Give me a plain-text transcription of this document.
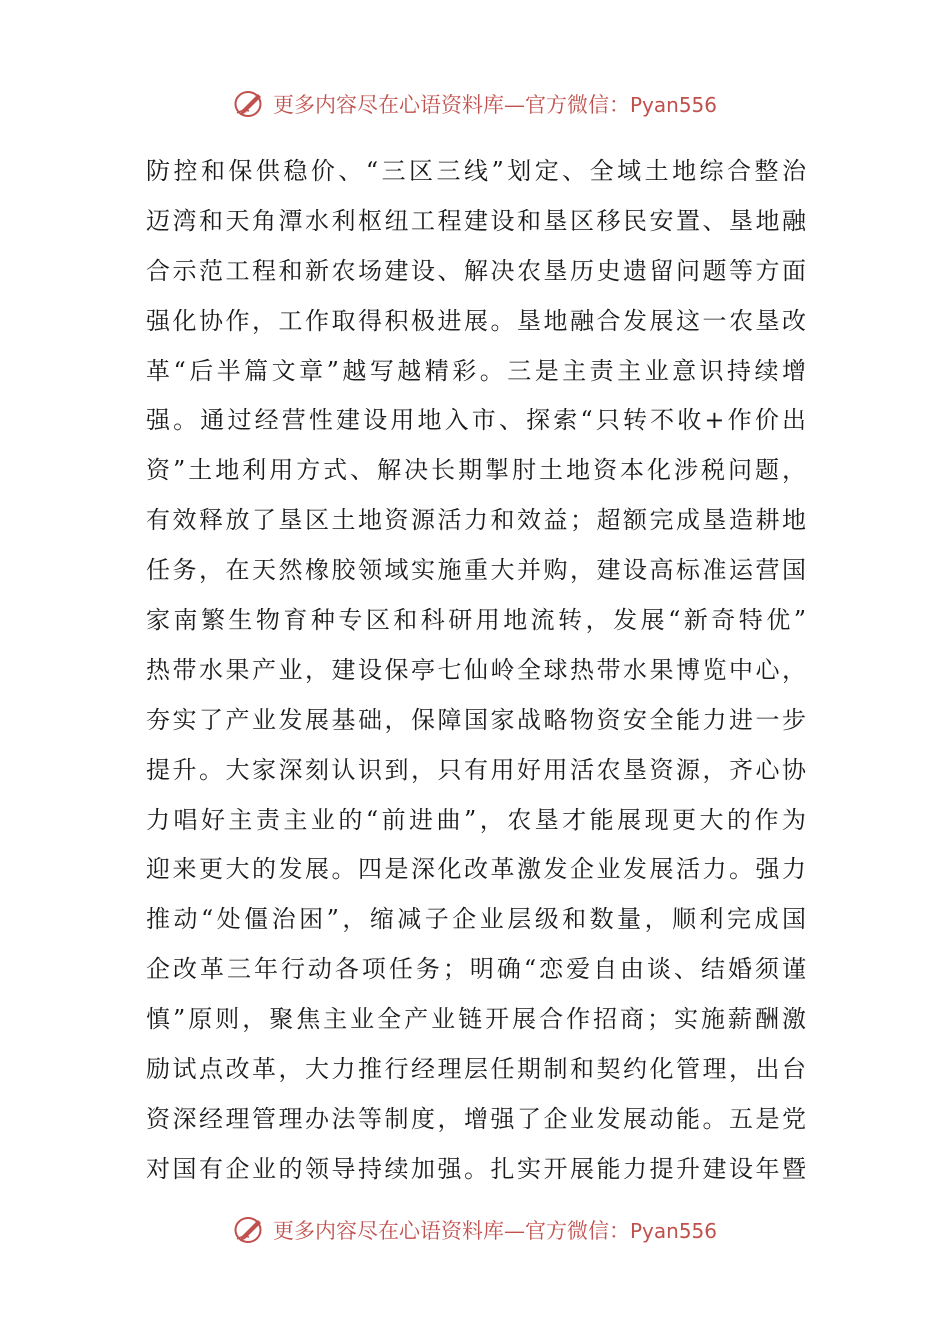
更多内容尽在心语资料库—官方微信：Pyan556
防控和保供稳价、“三区三线”划定、全域土地综合整治
迈湾和天角潭水利枢纽工程建设和垦区移民安置、垦地融
合示范工程和新农场建设、解决农垦历史遗留问题等方面
强化协作，工作取得积极进展。垦地融合发展这一农垦改
革“后半篇文章”越写越精彩。三是主责主业意识持续增
强。通过经营性建设用地入市、探索“只转不收+作价出
资”土地利用方式、解决长期掣肘土地资本化涉税问题，
有效释放了垦区土地资源活力和效益；超额完成垦造耕地
任务，在天然橡胶领域实施重大并购，建设高标准运营国
家南繁生物育种专区和科研用地流转，发展“新奇特优”
热带水果产业，建设保亭七仙岭全球热带水果博览中心，
夯实了产业发展基础，保障国家战略物资安全能力进一步
提升。大家深刻认识到，只有用好用活农垦资源，齐心协
力唱好主责主业的“前进曲”，农垦才能展现更大的作为
迎来更大的发展。四是深化改革激发企业发展活力。强力
推动“处僵治困”，缩减子企业层级和数量，顺利完成国
企改革三年行动各项任务；明确“恋爱自由谈、结婚须谨
慎”原则，聚焦主业全产业链开展合作招商；实施薪酬激
励试点改革，大力推行经理层任期制和契约化管理，出台
资深经理管理办法等制度，增强了企业发展动能。五是党
对国有企业的领导持续加强。扎实开展能力提升建设年暨
更多内容尽在心语资料库—官方微信：Pyan556
